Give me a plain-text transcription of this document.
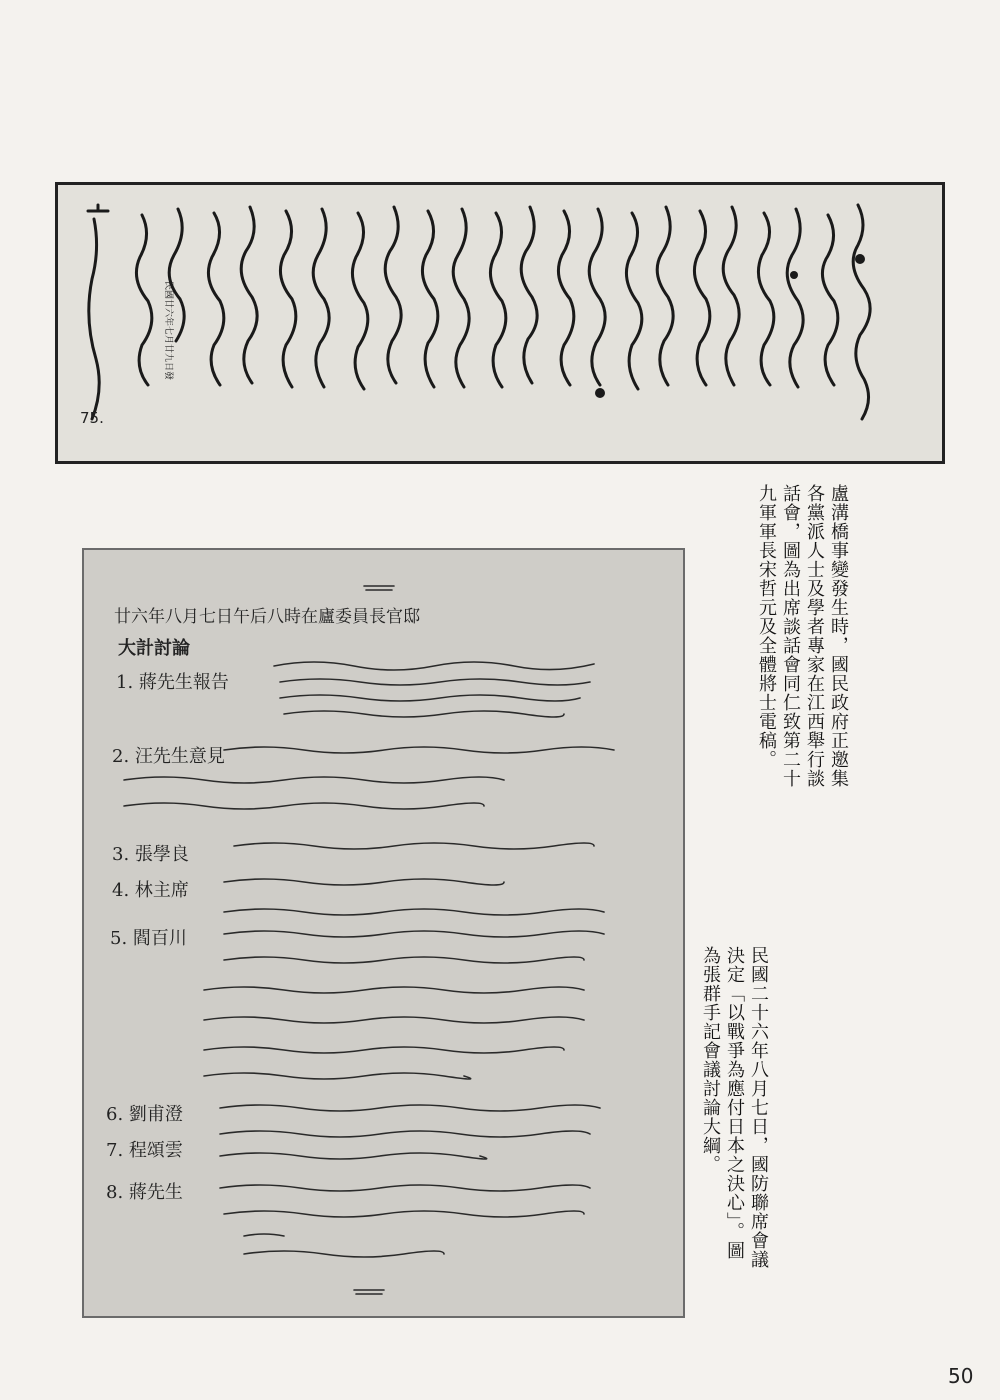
民國廿六年七月廿九日發
75.
廿六年八月七日午后八時在廬委員長官邸
大計討論
1. 蔣先生報告
2. 汪先生意見
3. 張學良
4. 林主席
5. 閻百川
6. 劉甫澄
7. 程頌雲
8. 蔣先生
盧溝橋事變發生時，國民政府正邀集各黨派人士及學者專家在江西舉行談話會，圖為出席談話會同仁致第二十九軍軍長宋哲元及全體將士電稿。
民國二十六年八月七日，國防聯席會議決定「以戰爭為應付日本之決心」。圖為張群手記會議討論大綱。
50
